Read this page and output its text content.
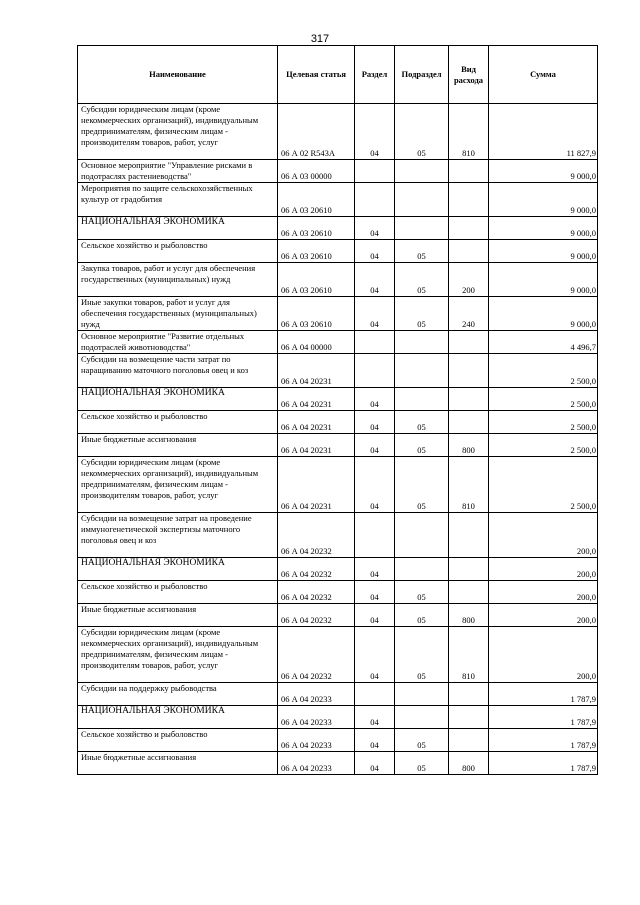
317
Наименование	Целевая статья	Раздел	Подраздел	Вид расхода	Сумма
Субсидии юридическим лицам (кроме некоммерческих организаций), индивидуальным предпринимателям, физическим лицам - производителям товаров, работ, услуг	06 А 02 R543A	04	05	810	11 827,9
Основное мероприятие "Управление рисками в подотраслях растениеводства"	06 А 03 00000				9 000,0
Мероприятия по защите сельскохозяйственных культур от градобития	06 А 03 20610				9 000,0
НАЦИОНАЛЬНАЯ ЭКОНОМИКА	06 А 03 20610	04			9 000,0
Сельское хозяйство и рыболовство	06 А 03 20610	04	05		9 000,0
Закупка товаров, работ и услуг для обеспечения государственных (муниципальных) нужд	06 А 03 20610	04	05	200	9 000,0
Иные закупки товаров, работ и услуг для обеспечения государственных (муниципальных) нужд	06 А 03 20610	04	05	240	9 000,0
Основное мероприятие "Развитие отдельных подотраслей животноводства"	06 А 04 00000				4 496,7
Субсидии на возмещение части затрат по наращиванию маточного поголовья овец и коз	06 А 04 20231				2 500,0
НАЦИОНАЛЬНАЯ ЭКОНОМИКА	06 А 04 20231	04			2 500,0
Сельское хозяйство и рыболовство	06 А 04 20231	04	05		2 500,0
Иные бюджетные ассигнования	06 А 04 20231	04	05	800	2 500,0
Субсидии юридическим лицам (кроме некоммерческих организаций), индивидуальным предпринимателям, физическим лицам - производителям товаров, работ, услуг	06 А 04 20231	04	05	810	2 500,0
Субсидии на возмещение затрат на проведение иммуногенетической экспертизы маточного поголовья овец и коз	06 А 04 20232				200,0
НАЦИОНАЛЬНАЯ ЭКОНОМИКА	06 А 04 20232	04			200,0
Сельское хозяйство и рыболовство	06 А 04 20232	04	05		200,0
Иные бюджетные ассигнования	06 А 04 20232	04	05	800	200,0
Субсидии юридическим лицам (кроме некоммерческих организаций), индивидуальным предпринимателям, физическим лицам - производителям товаров, работ, услуг	06 А 04 20232	04	05	810	200,0
Субсидии на поддержку рыбоводства	06 А 04 20233				1 787,9
НАЦИОНАЛЬНАЯ ЭКОНОМИКА	06 А 04 20233	04			1 787,9
Сельское хозяйство и рыболовство	06 А 04 20233	04	05		1 787,9
Иные бюджетные ассигнования	06 А 04 20233	04	05	800	1 787,9
